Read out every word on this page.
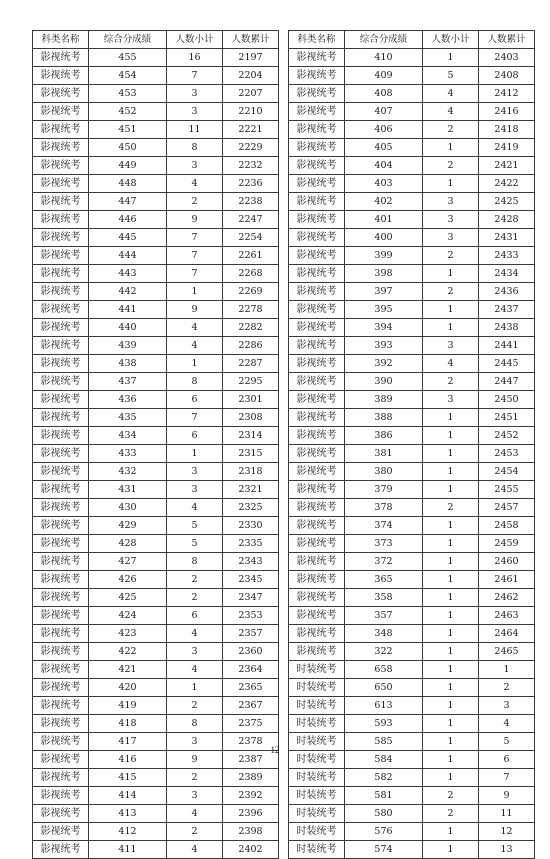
科类名称	综合分成绩	人数小计	人数累计
影视统考	455	16	2197
影视统考	454	7	2204
影视统考	453	3	2207
影视统考	452	3	2210
影视统考	451	11	2221
影视统考	450	8	2229
影视统考	449	3	2232
影视统考	448	4	2236
影视统考	447	2	2238
影视统考	446	9	2247
影视统考	445	7	2254
影视统考	444	7	2261
影视统考	443	7	2268
影视统考	442	1	2269
影视统考	441	9	2278
影视统考	440	4	2282
影视统考	439	4	2286
影视统考	438	1	2287
影视统考	437	8	2295
影视统考	436	6	2301
影视统考	435	7	2308
影视统考	434	6	2314
影视统考	433	1	2315
影视统考	432	3	2318
影视统考	431	3	2321
影视统考	430	4	2325
影视统考	429	5	2330
影视统考	428	5	2335
影视统考	427	8	2343
影视统考	426	2	2345
影视统考	425	2	2347
影视统考	424	6	2353
影视统考	423	4	2357
影视统考	422	3	2360
影视统考	421	4	2364
影视统考	420	1	2365
影视统考	419	2	2367
影视统考	418	8	2375
影视统考	417	3	2378
影视统考	416	9	2387
影视统考	415	2	2389
影视统考	414	3	2392
影视统考	413	4	2396
影视统考	412	2	2398
影视统考	411	4	2402
科类名称	综合分成绩	人数小计	人数累计
影视统考	410	1	2403
影视统考	409	5	2408
影视统考	408	4	2412
影视统考	407	4	2416
影视统考	406	2	2418
影视统考	405	1	2419
影视统考	404	2	2421
影视统考	403	1	2422
影视统考	402	3	2425
影视统考	401	3	2428
影视统考	400	3	2431
影视统考	399	2	2433
影视统考	398	1	2434
影视统考	397	2	2436
影视统考	395	1	2437
影视统考	394	1	2438
影视统考	393	3	2441
影视统考	392	4	2445
影视统考	390	2	2447
影视统考	389	3	2450
影视统考	388	1	2451
影视统考	386	1	2452
影视统考	381	1	2453
影视统考	380	1	2454
影视统考	379	1	2455
影视统考	378	2	2457
影视统考	374	1	2458
影视统考	373	1	2459
影视统考	372	1	2460
影视统考	365	1	2461
影视统考	358	1	2462
影视统考	357	1	2463
影视统考	348	1	2464
影视统考	322	1	2465
时装统考	658	1	1
时装统考	650	1	2
时装统考	613	1	3
时装统考	593	1	4
时装统考	585	1	5
时装统考	584	1	6
时装统考	582	1	7
时装统考	581	2	9
时装统考	580	2	11
时装统考	576	1	12
时装统考	574	1	13
12
